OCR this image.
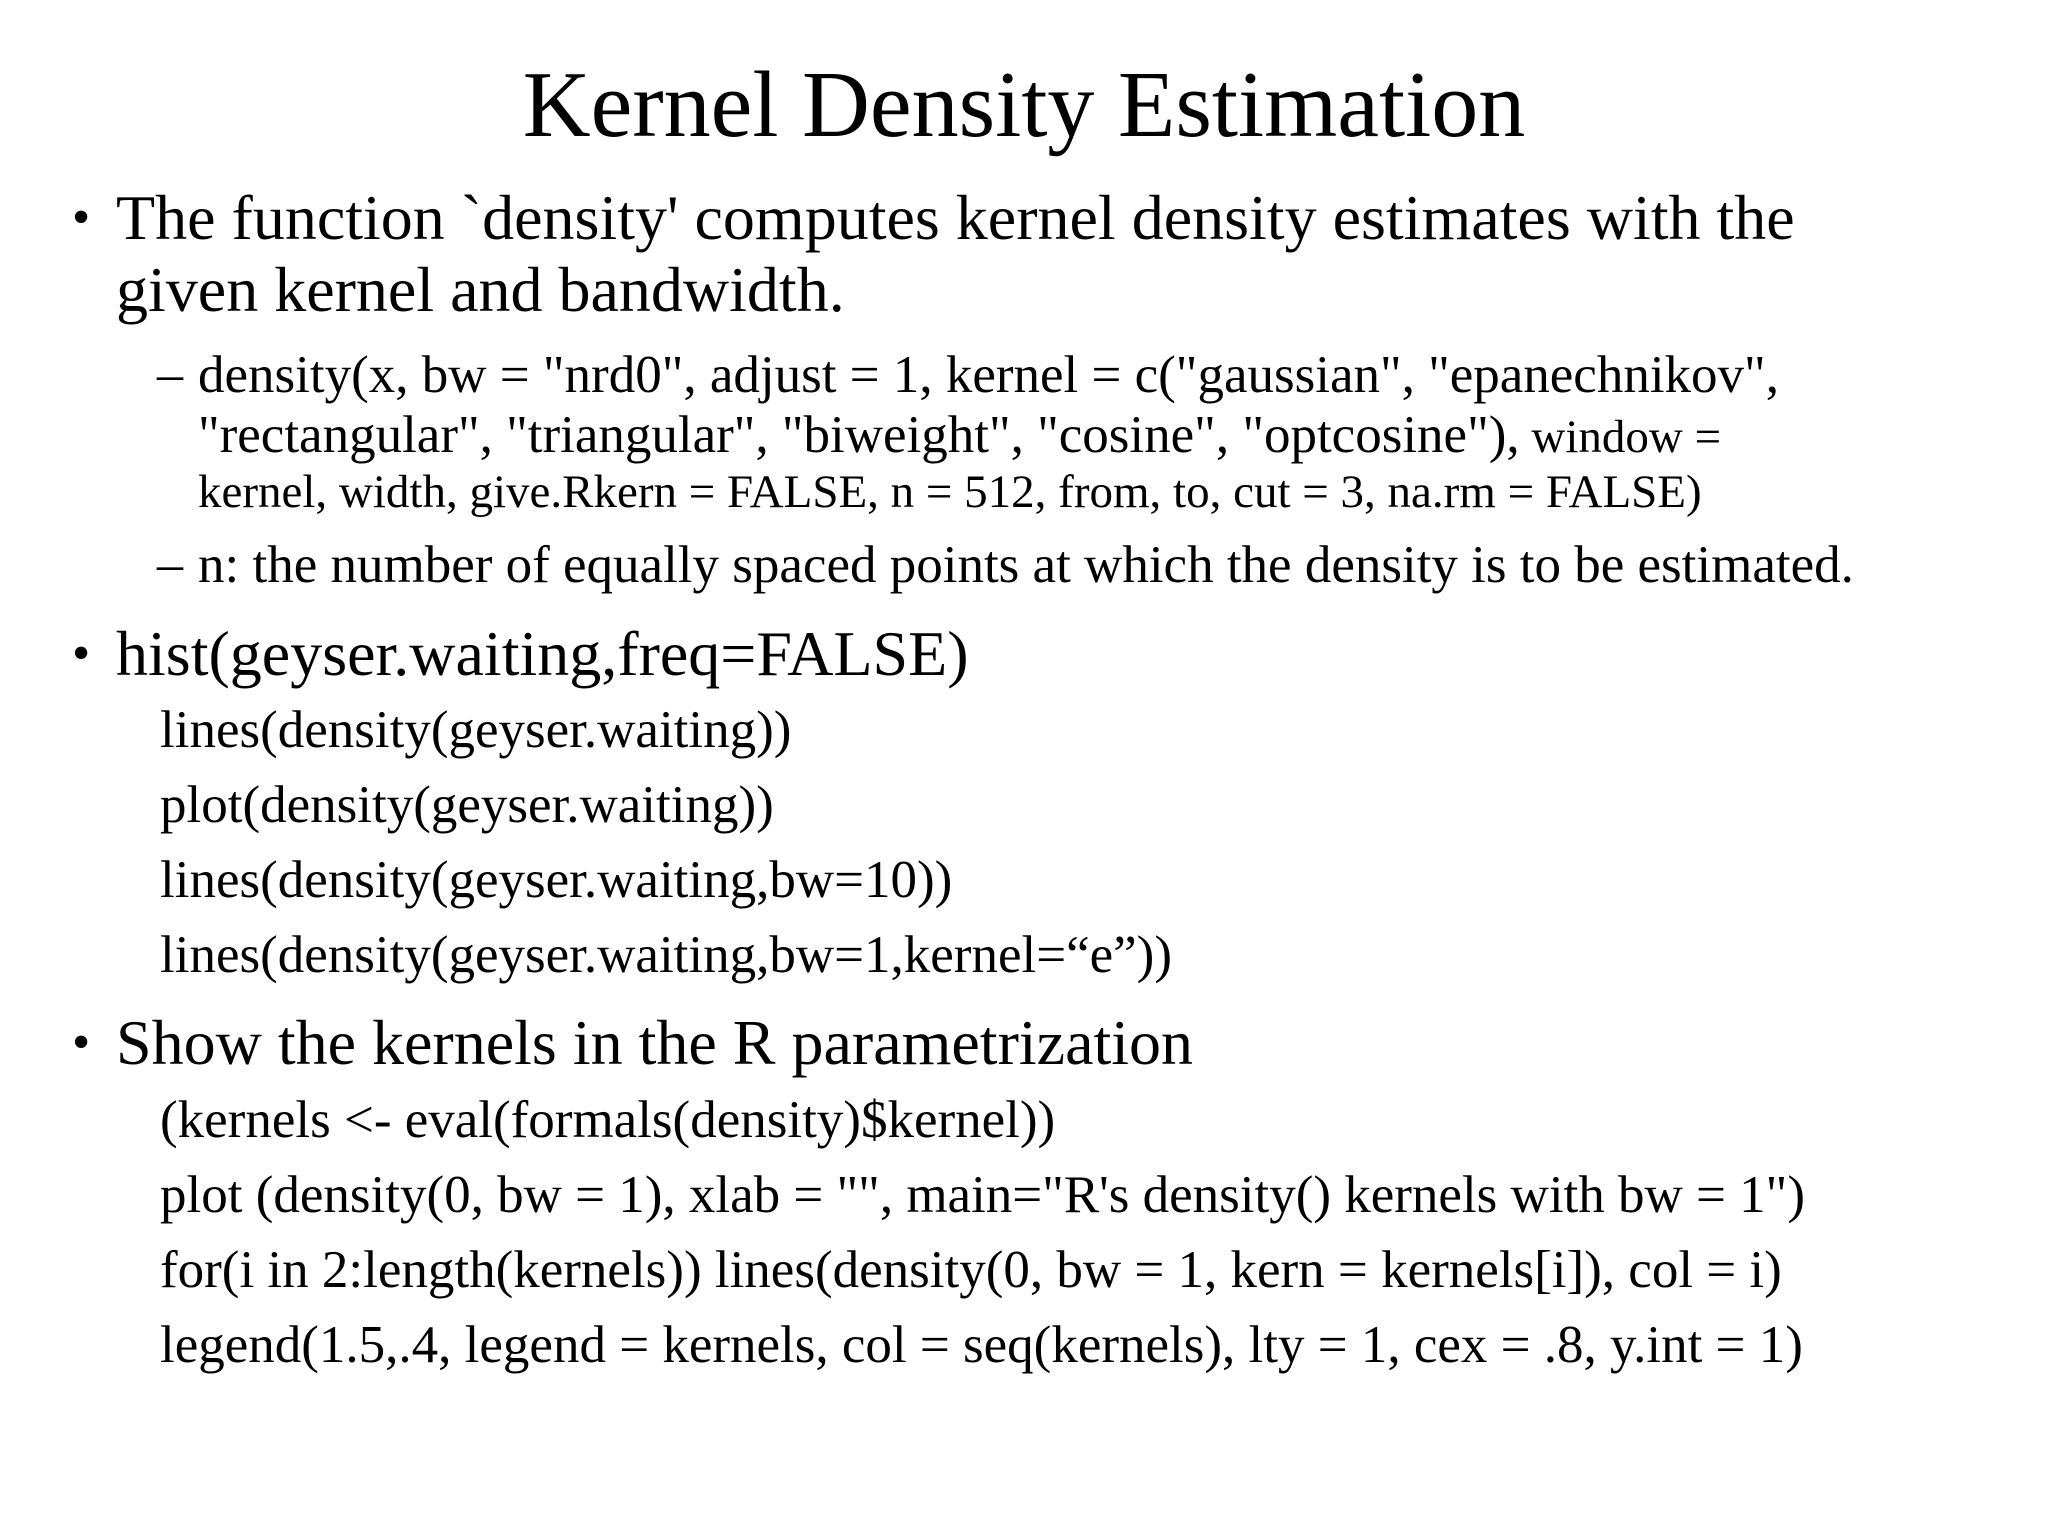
Kernel Density Estimation
• The function `density' computes kernel density estimates with the
given kernel and bandwidth.
– density(x, bw = "nrd0", adjust = 1, kernel = c("gaussian", "epanechnikov",
"rectangular", "triangular", "biweight", "cosine", "optcosine"), window =
kernel, width, give.Rkern = FALSE, n = 512, from, to, cut = 3, na.rm = FALSE)
– n: the number of equally spaced points at which the density is to be estimated.
• hist(geyser.waiting,freq=FALSE)
lines(density(geyser.waiting))
plot(density(geyser.waiting))
lines(density(geyser.waiting,bw=10))
lines(density(geyser.waiting,bw=1,kernel=“e”))
• Show the kernels in the R parametrization
(kernels <- eval(formals(density)$kernel))
plot (density(0, bw = 1), xlab = "", main="R's density() kernels with bw = 1")
for(i in 2:length(kernels)) lines(density(0, bw = 1, kern = kernels[i]), col = i)
legend(1.5,.4, legend = kernels, col = seq(kernels), lty = 1, cex = .8, y.int = 1)
